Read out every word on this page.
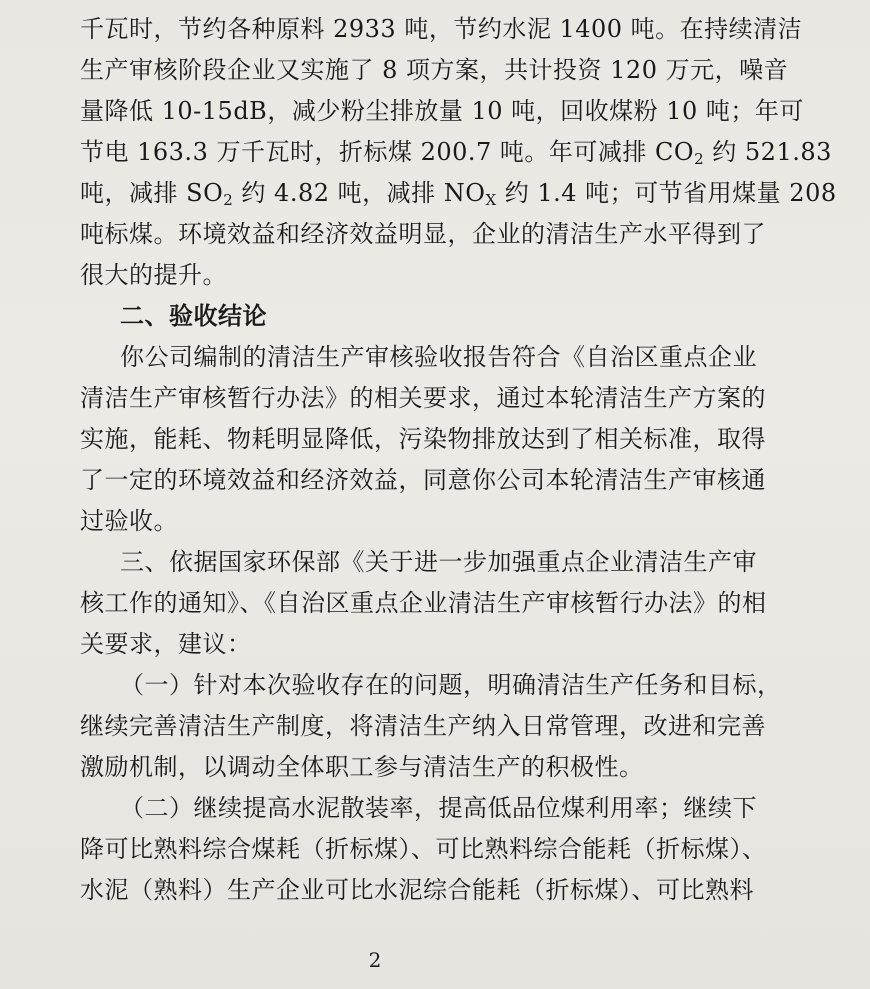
千瓦时，节约各种原料 2933 吨，节约水泥 1400 吨。在持续清洁
生产审核阶段企业又实施了 8 项方案，共计投资 120 万元，噪音
量降低 10-15dB，减少粉尘排放量 10 吨，回收煤粉 10 吨；年可
节电 163.3 万千瓦时，折标煤 200.7 吨。年可减排 $CO_2$ 约 521.83
吨，减排 $SO_2$ 约 4.82 吨，减排 $NO_X$ 约 1.4 吨；可节省用煤量 208
吨标煤。环境效益和经济效益明显，企业的清洁生产水平得到了
很大的提升。
二、验收结论
你公司编制的清洁生产审核验收报告符合《自治区重点企业
清洁生产审核暂行办法》的相关要求，通过本轮清洁生产方案的
实施，能耗、物耗明显降低，污染物排放达到了相关标准，取得
了一定的环境效益和经济效益，同意你公司本轮清洁生产审核通
过验收。
三、依据国家环保部《关于进一步加强重点企业清洁生产审
核工作的通知》、《自治区重点企业清洁生产审核暂行办法》的相
关要求，建议：
（一）针对本次验收存在的问题，明确清洁生产任务和目标，
继续完善清洁生产制度，将清洁生产纳入日常管理，改进和完善
激励机制，以调动全体职工参与清洁生产的积极性。
（二）继续提高水泥散装率，提高低品位煤利用率；继续下
降可比熟料综合煤耗（折标煤）、可比熟料综合能耗（折标煤）、
水泥（熟料）生产企业可比水泥综合能耗（折标煤）、可比熟料
2
